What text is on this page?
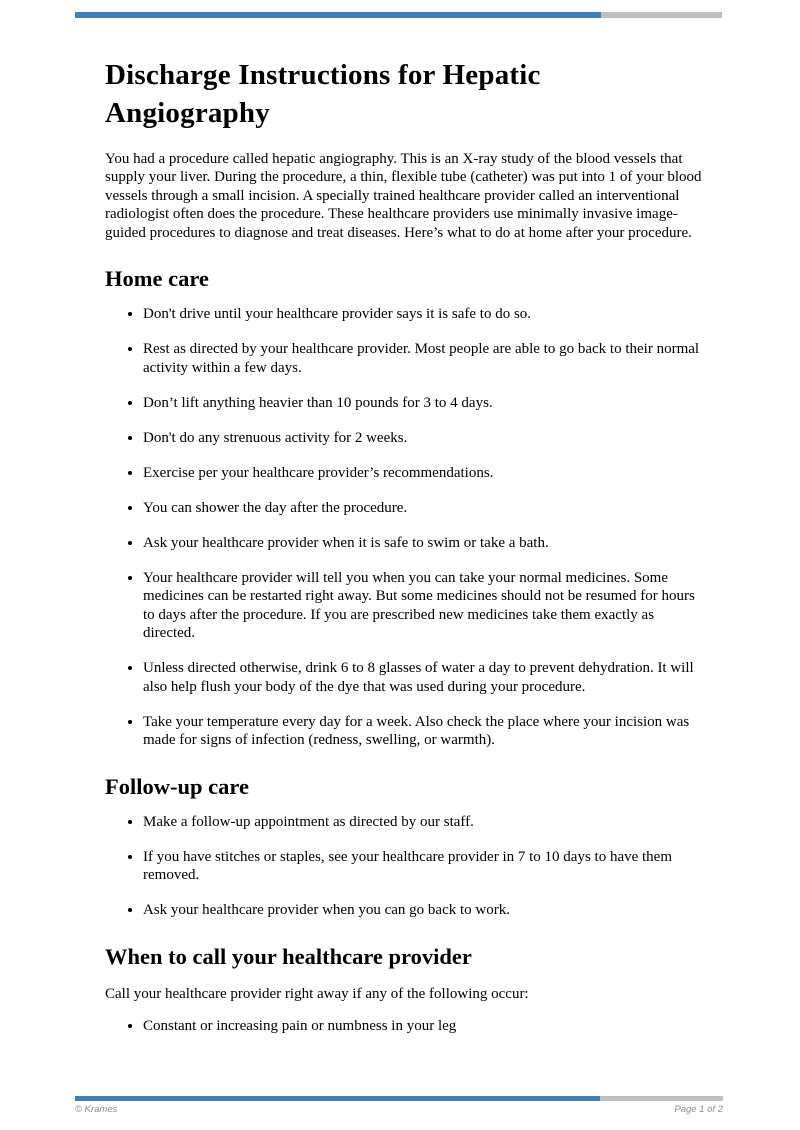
Discharge Instructions for Hepatic Angiography

You had a procedure called hepatic angiography. This is an X-ray study of the blood vessels that supply your liver. During the procedure, a thin, flexible tube (catheter) was put into 1 of your blood vessels through a small incision. A specially trained healthcare provider called an interventional radiologist often does the procedure. These healthcare providers use minimally invasive image-guided procedures to diagnose and treat diseases. Here’s what to do at home after your procedure.

Home care
• Don't drive until your healthcare provider says it is safe to do so.
• Rest as directed by your healthcare provider. Most people are able to go back to their normal activity within a few days.
• Don’t lift anything heavier than 10 pounds for 3 to 4 days.
• Don't do any strenuous activity for 2 weeks.
• Exercise per your healthcare provider’s recommendations.
• You can shower the day after the procedure.
• Ask your healthcare provider when it is safe to swim or take a bath.
• Your healthcare provider will tell you when you can take your normal medicines. Some medicines can be restarted right away. But some medicines should not be resumed for hours to days after the procedure. If you are prescribed new medicines take them exactly as directed.
• Unless directed otherwise, drink 6 to 8 glasses of water a day to prevent dehydration. It will also help flush your body of the dye that was used during your procedure.
• Take your temperature every day for a week. Also check the place where your incision was made for signs of infection (redness, swelling, or warmth).
Follow-up care
• Make a follow-up appointment as directed by our staff.
• If you have stitches or staples, see your healthcare provider in 7 to 10 days to have them removed.
• Ask your healthcare provider when you can go back to work.
When to call your healthcare provider

Call your healthcare provider right away if any of the following occur:

• Constant or increasing pain or numbness in your leg
© Krames	Page 1 of 2
